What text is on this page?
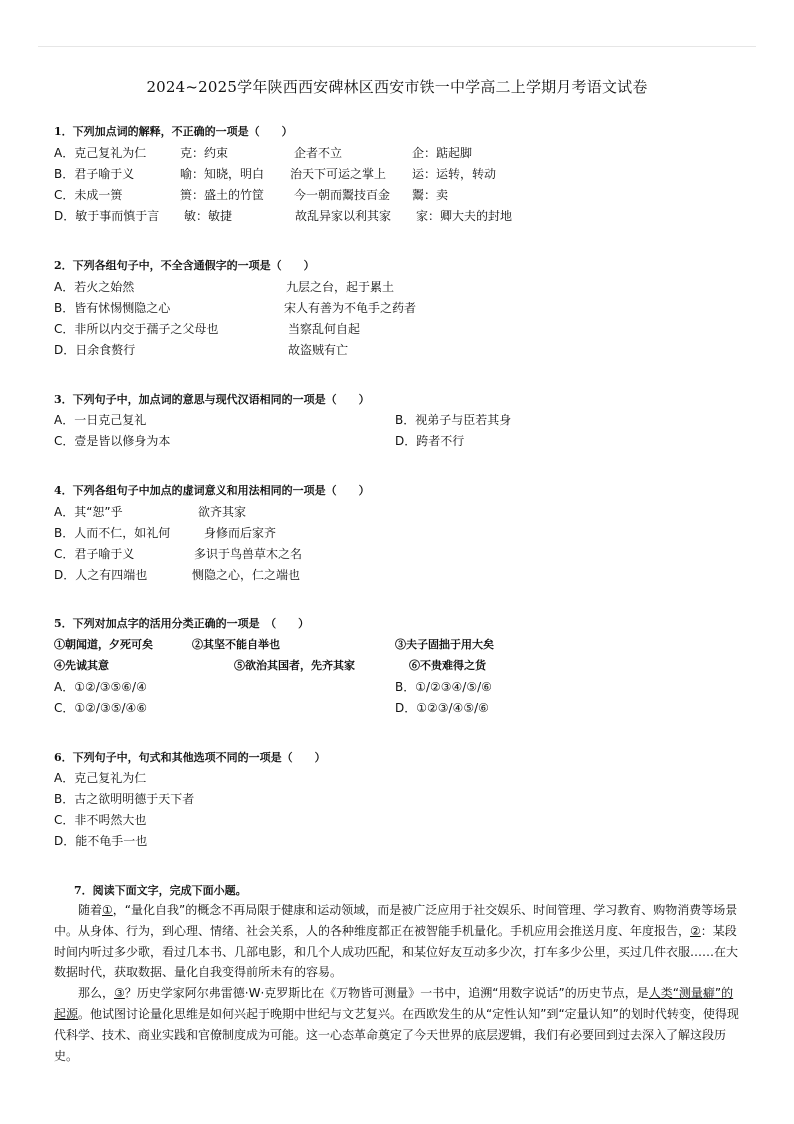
2024~2025学年陕西西安碑林区西安市铁一中学高二上学期月考语文试卷
1．下列加点词的解释，不正确的一项是（　　）
A．克己复礼为仁	克：约束	企者不立	企：踮起脚
B．君子喻于义	喻：知晓，明白 治天下可运之掌上 运：运转，转动
C．未成一篑	篑：盛土的竹筐 今一朝而鬻技百金 鬻：卖
D．敏于事而慎于言 敏：敏捷	故乱异家以利其家 家：卿大夫的封地
2．下列各组句子中，不全含通假字的一项是（　　）
A．若火之始然	九层之台，起于累土
B．皆有怵惕恻隐之心	宋人有善为不龟手之药者
C．非所以内交于孺子之父母也	当察乱何自起
D．日余食赘行	故盗贼有亡
3．下列句子中，加点词的意思与现代汉语相同的一项是（　　）
A．一日克己复礼	B．视弟子与臣若其身
C．壹是皆以修身为本	D．跨者不行
4．下列各组句子中加点的虚词意义和用法相同的一项是（　　）
A．其“恕”乎	欲齐其家
B．人而不仁，如礼何	身修而后家齐
C．君子喻于义	多识于鸟兽草木之名
D．人之有四端也	恻隐之心，仁之端也
5．下列对加点字的活用分类正确的一项是　（　　）
①朝闻道，夕死可矣	②其坚不能自举也	③夫子固拙于用大矣
④先诚其意	⑤欲治其国者，先齐其家	⑥不贵难得之货
A．①②/③⑤⑥/④	B．①/②③④/⑤/⑥
C．①②/③⑤/④⑥	D．①②③/④⑤/⑥
6．下列句子中，句式和其他选项不同的一项是（　　）
A．克己复礼为仁
B．古之欲明明德于天下者
C．非不呺然大也
D．能不龟手一也
7．阅读下面文字，完成下面小题。

随着①，“量化自我”的概念不再局限于健康和运动领域，而是被广泛应用于社交娱乐、时间管理、学习教育、购物消费等场景中。从身体、行为，到心理、情绪、社会关系，人的各种维度都正在被智能手机量化。手机应用会推送月度、年度报告，②：某段时间内听过多少歌，看过几本书、几部电影，和几个人成功匹配，和某位好友互动多少次，打车多少公里，买过几件衣服……在大数据时代，获取数据、量化自我变得前所未有的容易。

那么，③？历史学家阿尔弗雷德·W·克罗斯比在《万物皆可测量》一书中，追溯“用数字说话”的历史节点，是人类“测量癖”的起源。他试图讨论量化思维是如何兴起于晚期中世纪与文艺复兴。在西欧发生的从“定性认知”到“定量认知”的划时代转变，使得现代科学、技术、商业实践和官僚制度成为可能。这一心态革命奠定了今天世界的底层逻辑，我们有必要回到过去深入了解这段历史。
